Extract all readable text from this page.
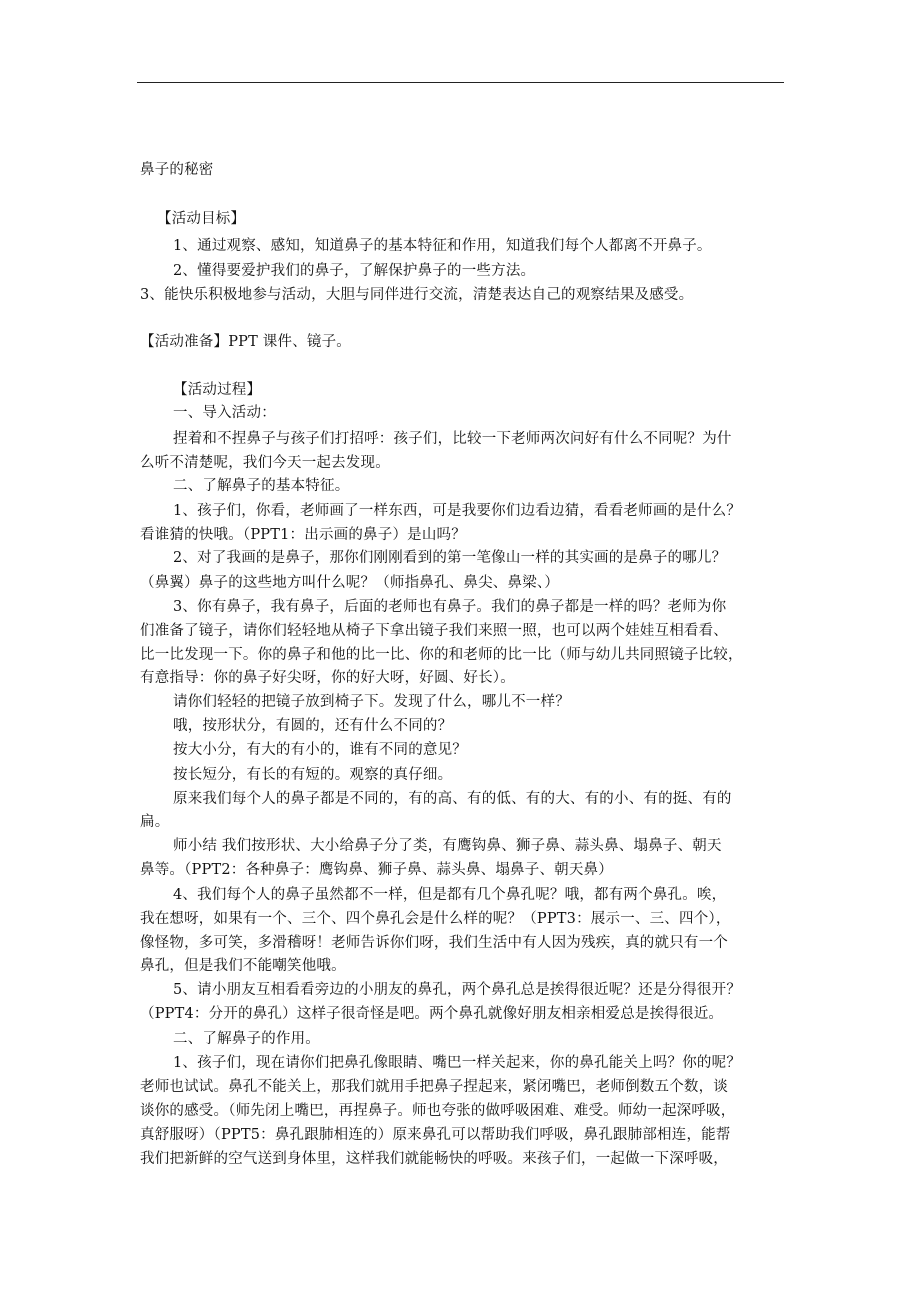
鼻子的秘密
【活动目标】
1、通过观察、感知，知道鼻子的基本特征和作用，知道我们每个人都离不开鼻子。
2、懂得要爱护我们的鼻子，了解保护鼻子的一些方法。
3、能快乐积极地参与活动，大胆与同伴进行交流，清楚表达自己的观察结果及感受。
【活动准备】PPT 课件、镜子。
【活动过程】
一、导入活动：
捏着和不捏鼻子与孩子们打招呼：孩子们，比较一下老师两次问好有什么不同呢？为什
么听不清楚呢，我们今天一起去发现。
二、了解鼻子的基本特征。
1、孩子们，你看，老师画了一样东西，可是我要你们边看边猜，看看老师画的是什么？
看谁猜的快哦。（PPT1：出示画的鼻子）是山吗？
2、对了我画的是鼻子，那你们刚刚看到的第一笔像山一样的其实画的是鼻子的哪儿？
（鼻翼）鼻子的这些地方叫什么呢？（师指鼻孔、鼻尖、鼻梁、）
3、你有鼻子，我有鼻子，后面的老师也有鼻子。我们的鼻子都是一样的吗？老师为你
们准备了镜子，请你们轻轻地从椅子下拿出镜子我们来照一照，也可以两个娃娃互相看看、
比一比发现一下。你的鼻子和他的比一比、你的和老师的比一比（师与幼儿共同照镜子比较，
有意指导：你的鼻子好尖呀，你的好大呀，好圆、好长）。
请你们轻轻的把镜子放到椅子下。发现了什么，哪儿不一样？
哦，按形状分，有圆的，还有什么不同的？
按大小分，有大的有小的，谁有不同的意见？
按长短分，有长的有短的。观察的真仔细。
原来我们每个人的鼻子都是不同的，有的高、有的低、有的大、有的小、有的挺、有的
扁。
师小结 我们按形状、大小给鼻子分了类，有鹰钩鼻、狮子鼻、蒜头鼻、塌鼻子、朝天
鼻等。（PPT2：各种鼻子：鹰钩鼻、狮子鼻、蒜头鼻、塌鼻子、朝天鼻）
4、我们每个人的鼻子虽然都不一样，但是都有几个鼻孔呢？哦，都有两个鼻孔。唉，
我在想呀，如果有一个、三个、四个鼻孔会是什么样的呢？（PPT3：展示一、三、四个），
像怪物，多可笑，多滑稽呀！老师告诉你们呀，我们生活中有人因为残疾，真的就只有一个
鼻孔，但是我们不能嘲笑他哦。
5、请小朋友互相看看旁边的小朋友的鼻孔，两个鼻孔总是挨得很近呢？还是分得很开？
（PPT4：分开的鼻孔）这样子很奇怪是吧。两个鼻孔就像好朋友相亲相爱总是挨得很近。
二、了解鼻子的作用。
1、孩子们，现在请你们把鼻孔像眼睛、嘴巴一样关起来，你的鼻孔能关上吗？你的呢？
老师也试试。鼻孔不能关上，那我们就用手把鼻子捏起来，紧闭嘴巴，老师倒数五个数，谈
谈你的感受。（师先闭上嘴巴，再捏鼻子。师也夸张的做呼吸困难、难受。师幼一起深呼吸，
真舒服呀）（PPT5：鼻孔跟肺相连的）原来鼻孔可以帮助我们呼吸，鼻孔跟肺部相连，能帮
我们把新鲜的空气送到身体里，这样我们就能畅快的呼吸。来孩子们，一起做一下深呼吸，
